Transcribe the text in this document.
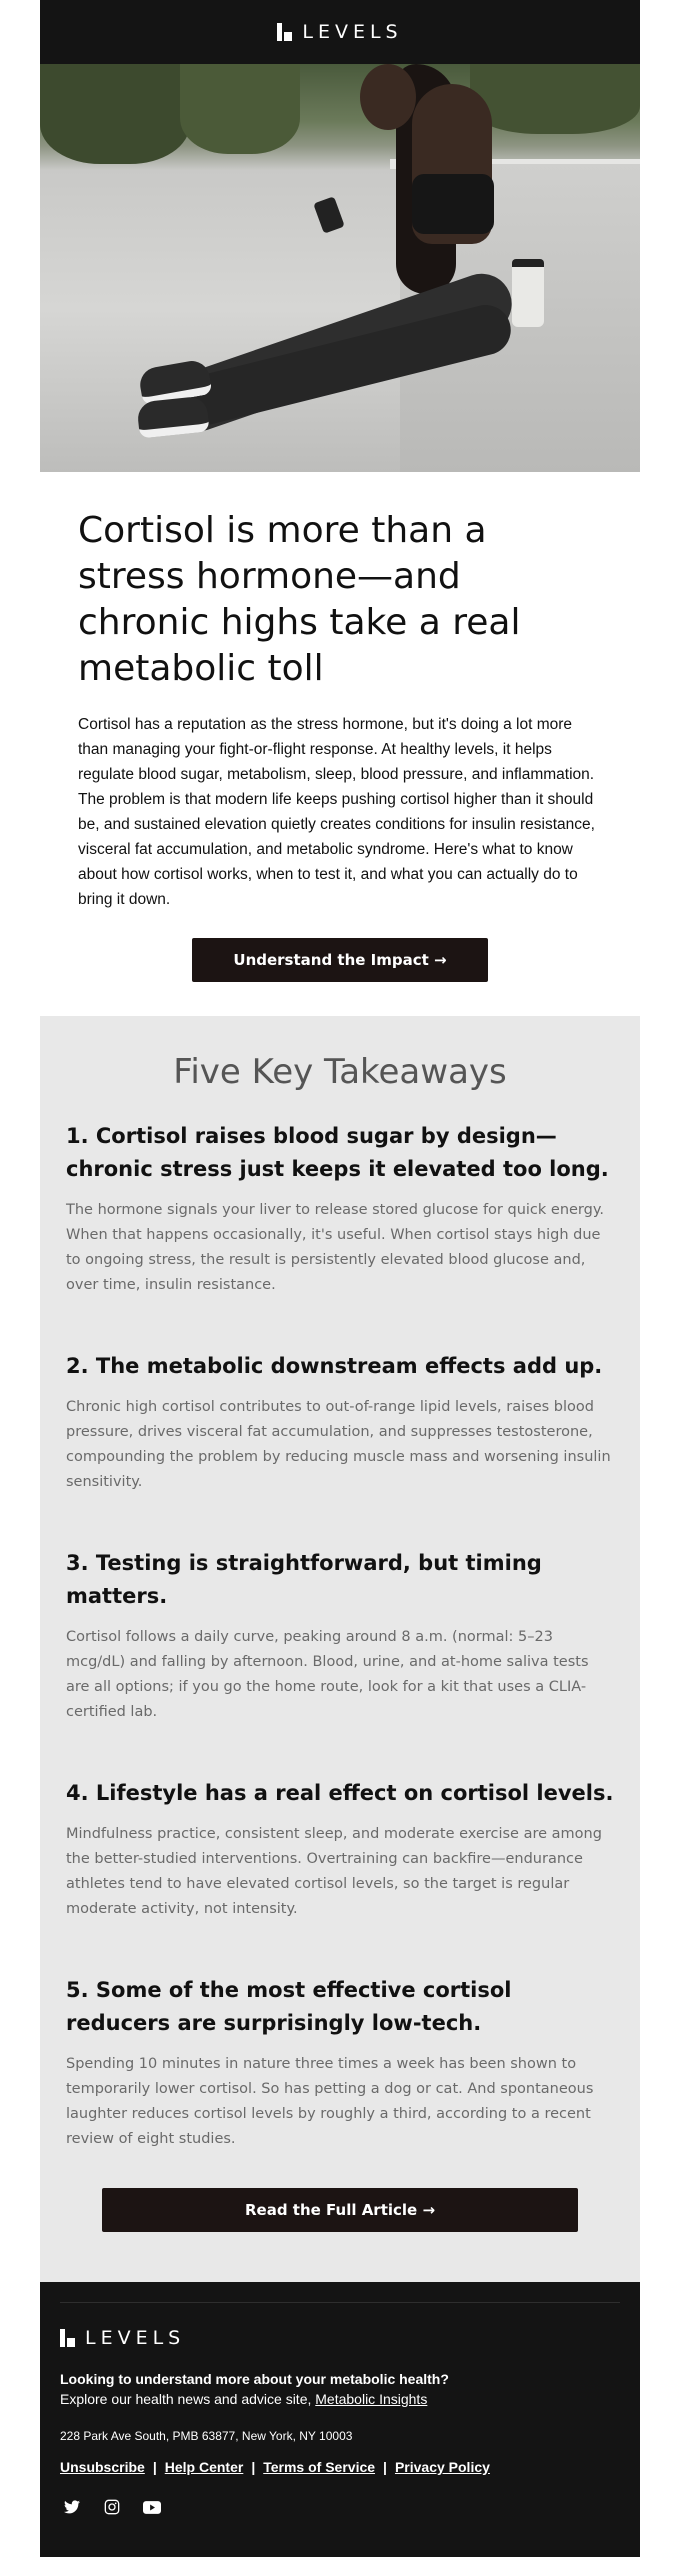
LEVELS
Cortisol is more than a stress hormone—and chronic highs take a real metabolic toll

Cortisol has a reputation as the stress hormone, but it's doing a lot more than managing your fight-or-flight response. At healthy levels, it helps regulate blood sugar, metabolism, sleep, blood pressure, and inflammation. The problem is that modern life keeps pushing cortisol higher than it should be, and sustained elevation quietly creates conditions for insulin resistance, visceral fat accumulation, and metabolic syndrome. Here's what to know about how cortisol works, when to test it, and what you can actually do to bring it down.

Understand the Impact →
Five Key Takeaways
1. Cortisol raises blood sugar by design—chronic stress just keeps it elevated too long.

The hormone signals your liver to release stored glucose for quick energy. When that happens occasionally, it's useful. When cortisol stays high due to ongoing stress, the result is persistently elevated blood glucose and, over time, insulin resistance.

2. The metabolic downstream effects add up.

Chronic high cortisol contributes to out-of-range lipid levels, raises blood pressure, drives visceral fat accumulation, and suppresses testosterone, compounding the problem by reducing muscle mass and worsening insulin sensitivity.

3. Testing is straightforward, but timing matters.

Cortisol follows a daily curve, peaking around 8 a.m. (normal: 5–23 mcg/dL) and falling by afternoon. Blood, urine, and at-home saliva tests are all options; if you go the home route, look for a kit that uses a CLIA-certified lab.

4. Lifestyle has a real effect on cortisol levels.

Mindfulness practice, consistent sleep, and moderate exercise are among the better-studied interventions. Overtraining can backfire—endurance athletes tend to have elevated cortisol levels, so the target is regular moderate activity, not intensity.

5. Some of the most effective cortisol reducers are surprisingly low-tech.

Spending 10 minutes in nature three times a week has been shown to temporarily lower cortisol. So has petting a dog or cat. And spontaneous laughter reduces cortisol levels by roughly a third, according to a recent review of eight studies.

Read the Full Article →
LEVELS

Looking to understand more about your metabolic health?

Explore our health news and advice site, Metabolic Insights

228 Park Ave South, PMB 63877, New York, NY 10003

Unsubscribe | Help Center | Terms of Service | Privacy Policy
